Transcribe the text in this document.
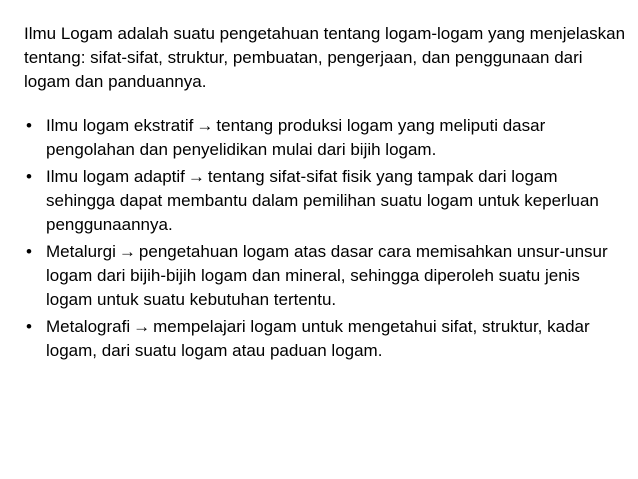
Ilmu Logam adalah suatu pengetahuan tentang logam-logam yang menjelaskan tentang: sifat-sifat, struktur, pembuatan, pengerjaan, dan penggunaan dari logam dan panduannya.

• Ilmu logam ekstratif → tentang produksi logam yang meliputi dasar pengolahan dan penyelidikan mulai dari bijih logam.
• Ilmu logam adaptif → tentang sifat-sifat fisik yang tampak dari logam sehingga dapat membantu dalam pemilihan suatu logam untuk keperluan penggunaannya.
• Metalurgi → pengetahuan logam atas dasar cara memisahkan unsur-unsur logam dari bijih-bijih logam dan mineral, sehingga diperoleh suatu jenis logam untuk suatu kebutuhan tertentu.
• Metalografi → mempelajari logam untuk mengetahui sifat, struktur, kadar logam, dari suatu logam atau paduan logam.
